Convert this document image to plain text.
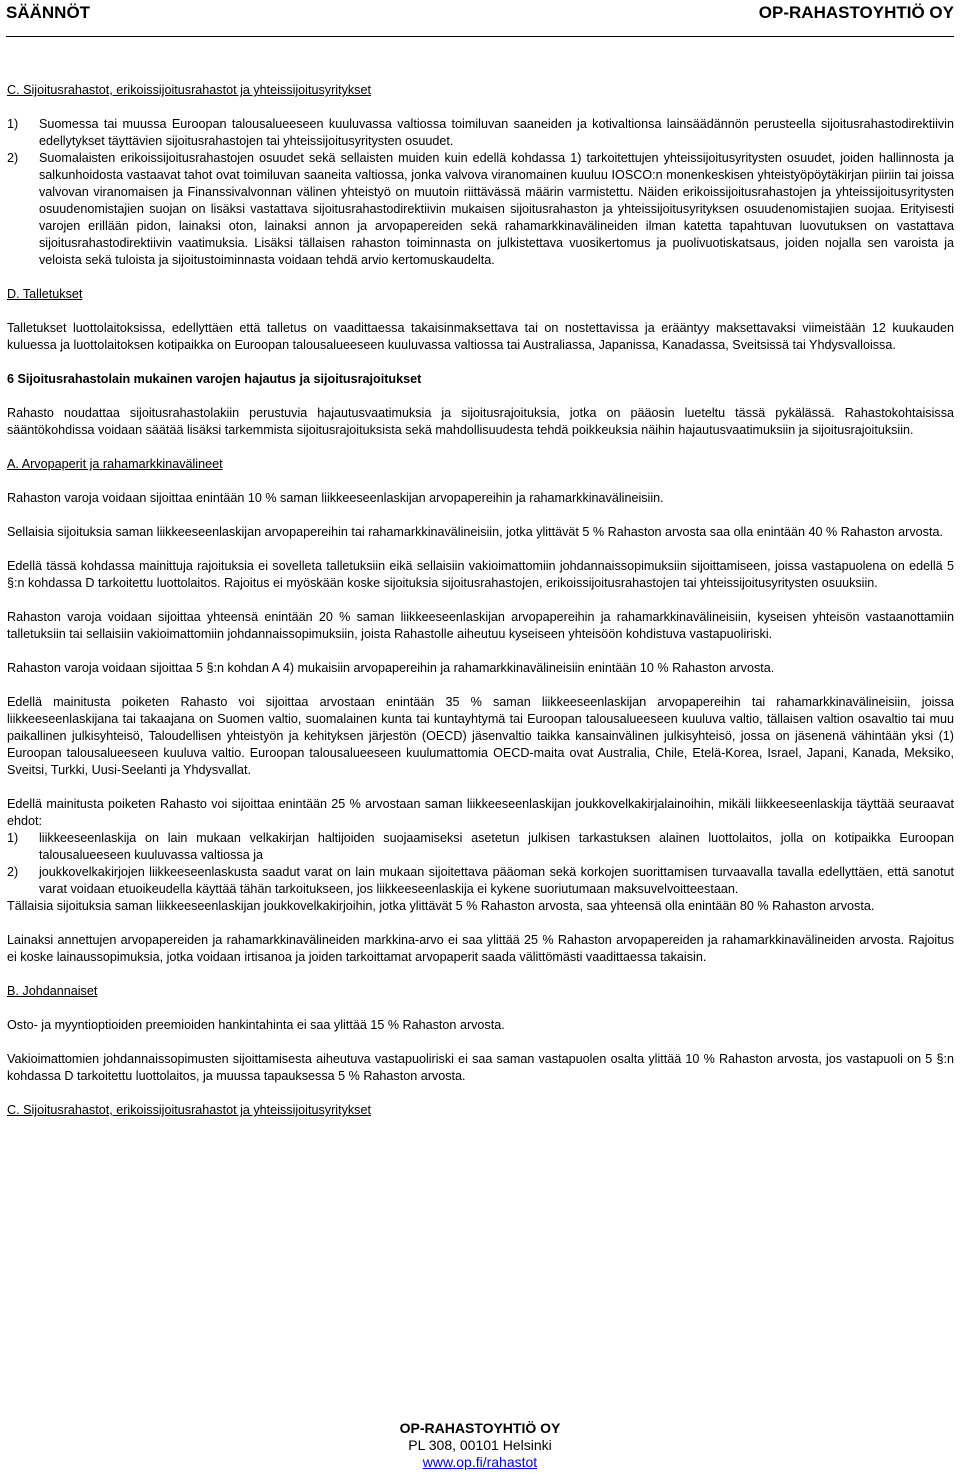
SÄÄNNÖT	OP-RAHASTOYHTIÖ OY

C. Sijoitusrahastot, erikoissijoitusrahastot ja yhteissijoitusyritykset

1)	Suomessa tai muussa Euroopan talousalueeseen kuuluvassa valtiossa toimiluvan saaneiden ja kotivaltionsa lainsäädännön perusteella sijoitusrahastodirektiivin edellytykset täyttävien sijoitusrahastojen tai yhteissijoitusyritysten osuudet.
2)	Suomalaisten erikoissijoitusrahastojen osuudet sekä sellaisten muiden kuin edellä kohdassa 1) tarkoitettujen yhteissijoitusyritysten osuudet, joiden hallinnosta ja salkunhoidosta vastaavat tahot ovat toimiluvan saaneita valtiossa, jonka valvova viranomainen kuuluu IOSCO:n monenkeskisen yhteistyöpöytäkirjan piiriin tai joissa valvovan viranomaisen ja Finanssivalvonnan välinen yhteistyö on muutoin riittävässä määrin varmistettu. Näiden erikoissijoitusrahastojen ja yhteissijoitusyritysten osuudenomistajien suojan on lisäksi vastattava sijoitusrahastodirektiivin mukaisen sijoitusrahaston ja yhteissijoitusyrityksen osuudenomistajien suojaa. Erityisesti varojen erillään pidon, lainaksi oton, lainaksi annon ja arvopapereiden sekä rahamarkkinavälineiden ilman katetta tapahtuvan luovutuksen on vastattava sijoitusrahastodirektiivin vaatimuksia. Lisäksi tällaisen rahaston toiminnasta on julkistettava vuosikertomus ja puolivuotiskatsaus, joiden nojalla sen varoista ja veloista sekä tuloista ja sijoitustoiminnasta voidaan tehdä arvio kertomuskaudelta.

D. Talletukset

Talletukset luottolaitoksissa, edellyttäen että talletus on vaadittaessa takaisinmaksettava tai on nostettavissa ja erääntyy maksettavaksi viimeistään 12 kuukauden kuluessa ja luottolaitoksen kotipaikka on Euroopan talousalueeseen kuuluvassa valtiossa tai Australiassa, Japanissa, Kanadassa, Sveitsissä tai Yhdysvalloissa.

6 Sijoitusrahastolain mukainen varojen hajautus ja sijoitusrajoitukset

Rahasto noudattaa sijoitusrahastolakiin perustuvia hajautusvaatimuksia ja sijoitusrajoituksia, jotka on pääosin lueteltu tässä pykälässä. Rahastokohtaisissa sääntökohdissa voidaan säätää lisäksi tarkemmista sijoitusrajoituksista sekä mahdollisuudesta tehdä poikkeuksia näihin hajautusvaatimuksiin ja sijoitusrajoituksiin.

A. Arvopaperit ja rahamarkkinavälineet

Rahaston varoja voidaan sijoittaa enintään 10 % saman liikkeeseenlaskijan arvopapereihin ja rahamarkkinavälineisiin.

Sellaisia sijoituksia saman liikkeeseenlaskijan arvopapereihin tai rahamarkkinavälineisiin, jotka ylittävät 5 % Rahaston arvosta saa olla enintään 40 % Rahaston arvosta.

Edellä tässä kohdassa mainittuja rajoituksia ei sovelleta talletuksiin eikä sellaisiin vakioimattomiin johdannaissopimuksiin sijoittamiseen, joissa vastapuolena on edellä 5 §:n kohdassa D tarkoitettu luottolaitos. Rajoitus ei myöskään koske sijoituksia sijoitusrahastojen, erikoissijoitusrahastojen tai yhteissijoitusyritysten osuuksiin.

Rahaston varoja voidaan sijoittaa yhteensä enintään 20 % saman liikkeeseenlaskijan arvopapereihin ja rahamarkkinavälineisiin, kyseisen yhteisön vastaanottamiin talletuksiin tai sellaisiin vakioimattomiin johdannaissopimuksiin, joista Rahastolle aiheutuu kyseiseen yhteisöön kohdistuva vastapuoliriski.

Rahaston varoja voidaan sijoittaa 5 §:n kohdan A 4) mukaisiin arvopapereihin ja rahamarkkinavälineisiin enintään 10 % Rahaston arvosta.

Edellä mainitusta poiketen Rahasto voi sijoittaa arvostaan enintään 35 % saman liikkeeseenlaskijan arvopapereihin tai rahamarkkinavälineisiin, joissa liikkeeseenlaskijana tai takaajana on Suomen valtio, suomalainen kunta tai kuntayhtymä tai Euroopan talousalueeseen kuuluva valtio, tällaisen valtion osavaltio tai muu paikallinen julkisyhteisö, Taloudellisen yhteistyön ja kehityksen järjestön (OECD) jäsenvaltio taikka kansainvälinen julkisyhteisö, jossa on jäsenenä vähintään yksi (1) Euroopan talousalueeseen kuuluva valtio. Euroopan talousalueeseen kuulumattomia OECD-maita ovat Australia, Chile, Etelä-Korea, Israel, Japani, Kanada, Meksiko, Sveitsi, Turkki, Uusi-Seelanti ja Yhdysvallat.

Edellä mainitusta poiketen Rahasto voi sijoittaa enintään 25 % arvostaan saman liikkeeseenlaskijan joukkovelkakirjalainoihin, mikäli liikkeeseenlaskija täyttää seuraavat ehdot:

1)	liikkeeseenlaskija on lain mukaan velkakirjan haltijoiden suojaamiseksi asetetun julkisen tarkastuksen alainen luottolaitos, jolla on kotipaikka Euroopan talousalueeseen kuuluvassa valtiossa ja
2)	joukkovelkakirjojen liikkeeseenlaskusta saadut varat on lain mukaan sijoitettava pääoman sekä korkojen suorittamisen turvaavalla tavalla edellyttäen, että sanotut varat voidaan etuoikeudella käyttää tähän tarkoitukseen, jos liikkeeseenlaskija ei kykene suoriutumaan maksuvelvoitteestaan.

Tällaisia sijoituksia saman liikkeeseenlaskijan joukkovelkakirjoihin, jotka ylittävät 5 % Rahaston arvosta, saa yhteensä olla enintään 80 % Rahaston arvosta.

Lainaksi annettujen arvopapereiden ja rahamarkkinavälineiden markkina-arvo ei saa ylittää 25 % Rahaston arvopapereiden ja rahamarkkinavälineiden arvosta. Rajoitus ei koske lainaussopimuksia, jotka voidaan irtisanoa ja joiden tarkoittamat arvopaperit saada välittömästi vaadittaessa takaisin.

B. Johdannaiset

Osto- ja myyntioptioiden preemioiden hankintahinta ei saa ylittää 15 % Rahaston arvosta.

Vakioimattomien johdannaissopimusten sijoittamisesta aiheutuva vastapuoliriski ei saa saman vastapuolen osalta ylittää 10 % Rahaston arvosta, jos vastapuoli on 5 §:n kohdassa D tarkoitettu luottolaitos, ja muussa tapauksessa 5 % Rahaston arvosta.

C. Sijoitusrahastot, erikoissijoitusrahastot ja yhteissijoitusyritykset

OP-RAHASTOYHTIÖ OY
PL 308, 00101 Helsinki
www.op.fi/rahastot
